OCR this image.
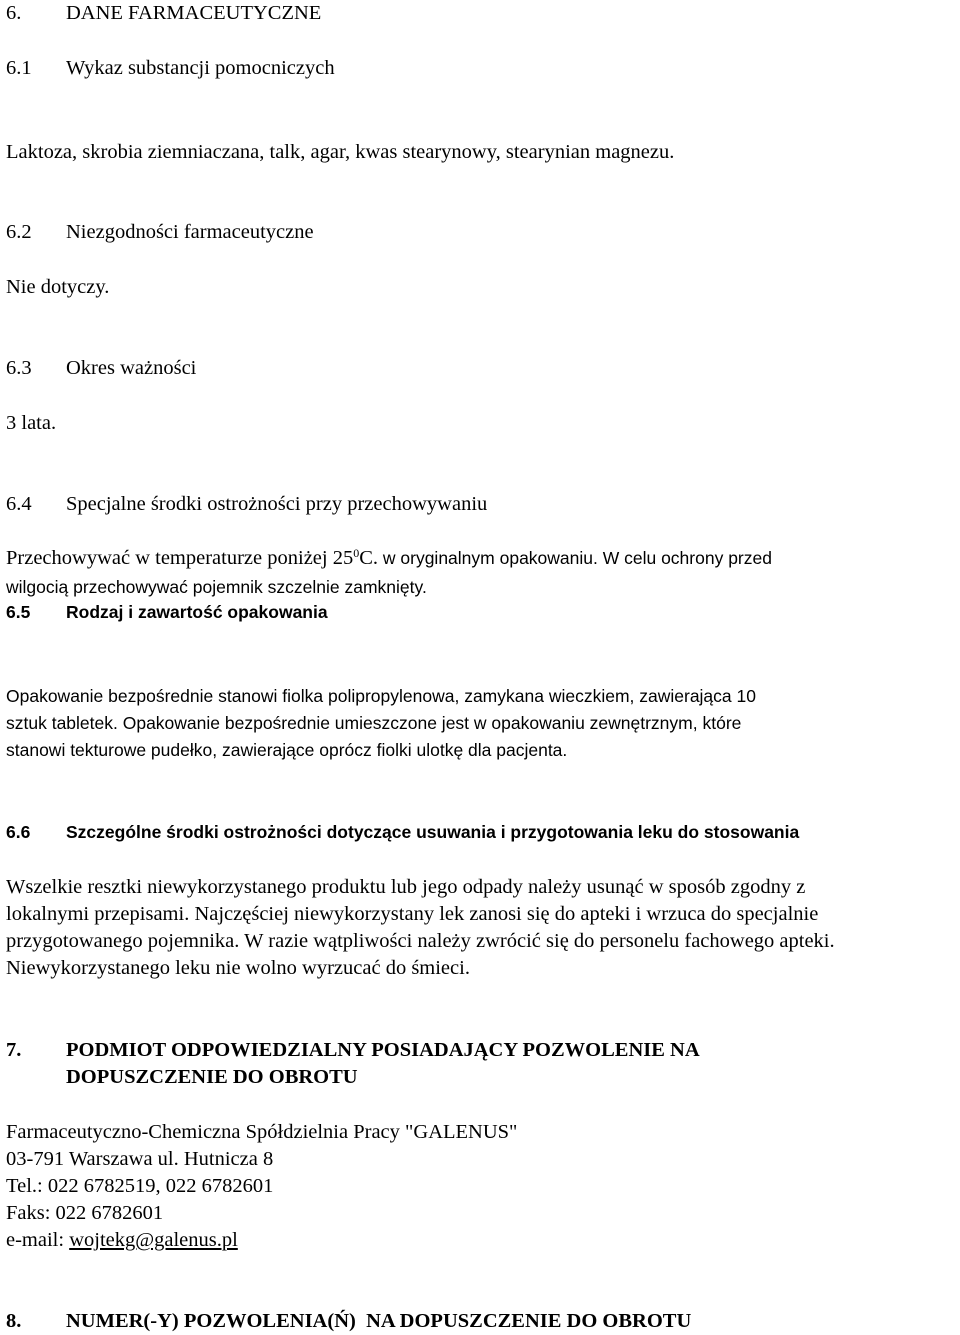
6. DANE FARMACEUTYCZNE
6.1 Wykaz substancji pomocniczych
Laktoza, skrobia ziemniaczana, talk, agar, kwas stearynowy, stearynian magnezu.
6.2 Niezgodności farmaceutyczne
Nie dotyczy.
6.3 Okres ważności
3 lata.
6.4 Specjalne środki ostrożności przy przechowywaniu
Przechowywać w temperaturze poniżej $25^0C$. w oryginalnym opakowaniu. W celu ochrony przed
wilgocią przechowywać pojemnik szczelnie zamknięty.
6.5 Rodzaj i zawartość opakowania
Opakowanie bezpośrednie stanowi fiolka polipropylenowa, zamykana wieczkiem, zawierająca 10
sztuk tabletek. Opakowanie bezpośrednie umieszczone jest w opakowaniu zewnętrznym, które
stanowi tekturowe pudełko, zawierające oprócz fiolki ulotkę dla pacjenta.
6.6 Szczególne środki ostrożności dotyczące usuwania i przygotowania leku do stosowania
Wszelkie resztki niewykorzystanego produktu lub jego odpady należy usunąć w sposób zgodny z
lokalnymi przepisami. Najczęściej niewykorzystany lek zanosi się do apteki i wrzuca do specjalnie
przygotowanego pojemnika. W razie wątpliwości należy zwrócić się do personelu fachowego apteki.
Niewykorzystanego leku nie wolno wyrzucać do śmieci.
7. PODMIOT ODPOWIEDZIALNY POSIADAJĄCY POZWOLENIE NA
DOPUSZCZENIE DO OBROTU
Farmaceutyczno-Chemiczna Spółdzielnia Pracy "GALENUS"
03-791 Warszawa ul. Hutnicza 8
Tel.: 022 6782519, 022 6782601
Faks: 022 6782601
e-mail: wojtekg@galenus.pl
8. NUMER(-Y) POZWOLENIA(Ń)  NA DOPUSZCZENIE DO OBROTU
